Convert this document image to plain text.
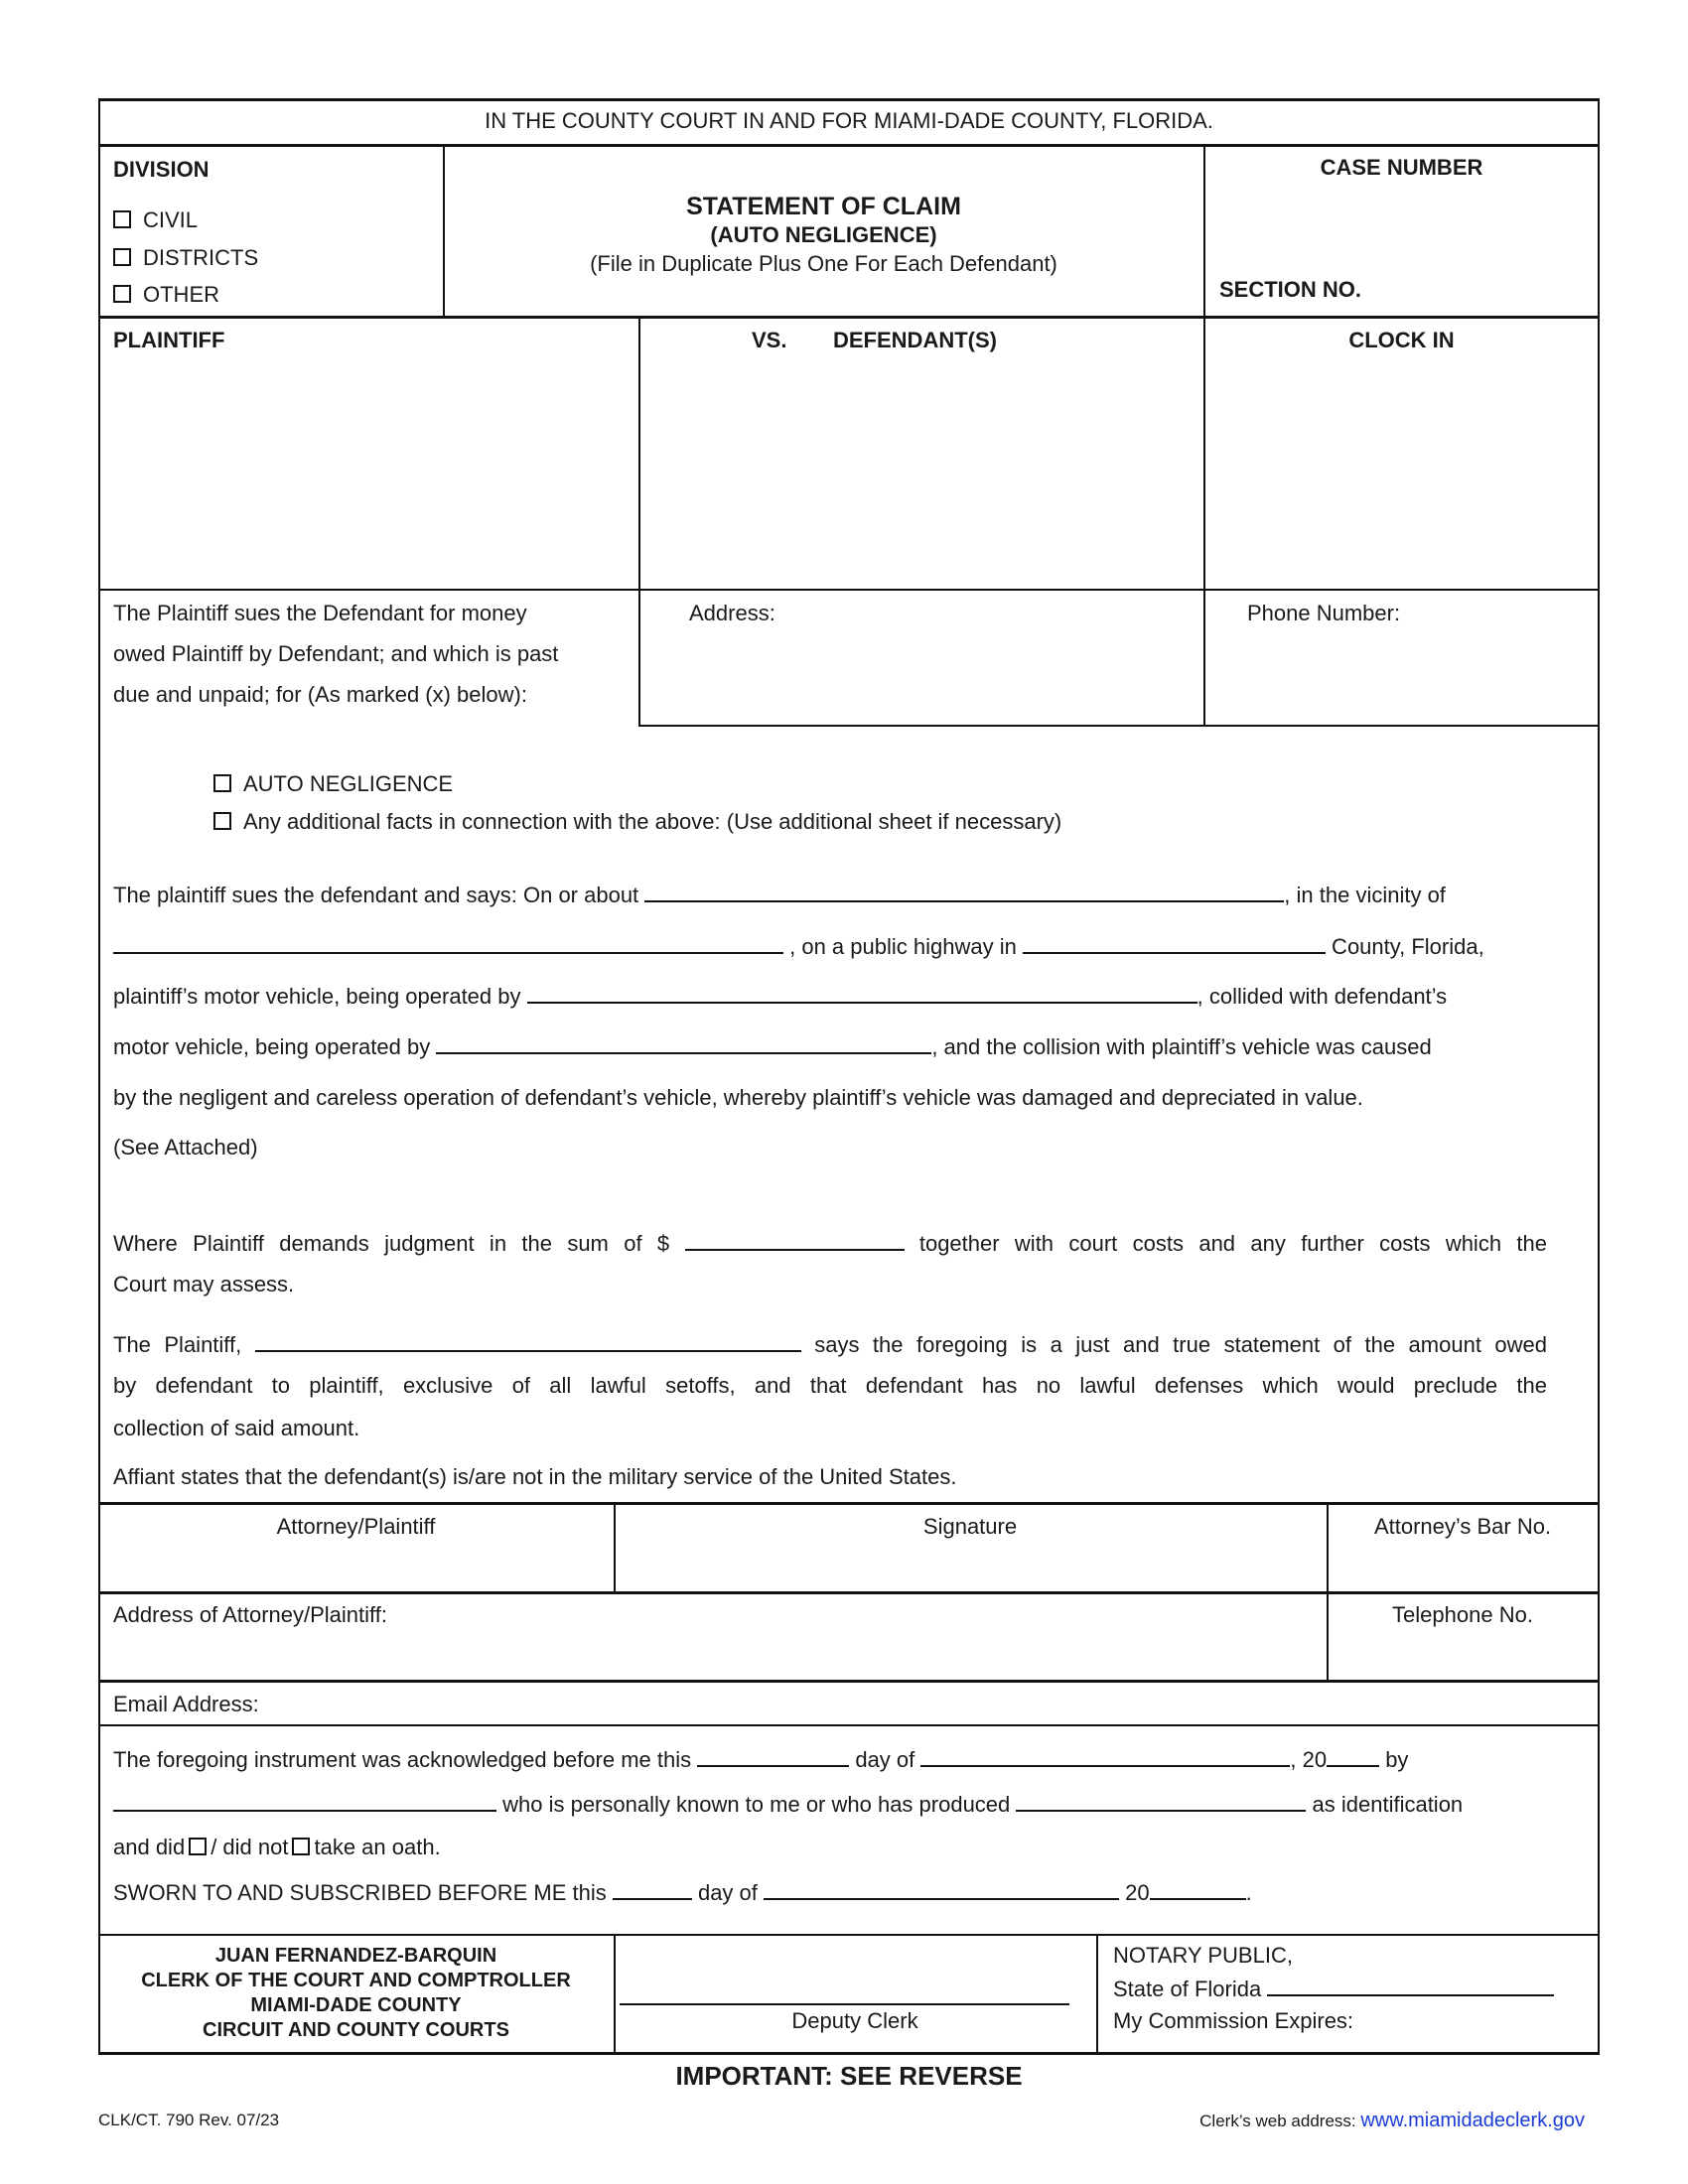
IN THE COUNTY COURT IN AND FOR MIAMI-DADE COUNTY, FLORIDA.
DIVISION
CIVIL
DISTRICTS
OTHER
STATEMENT OF CLAIM
(AUTO NEGLIGENCE)
(File in Duplicate Plus One For Each Defendant)
CASE NUMBER
SECTION NO.
PLAINTIFF	VS. DEFENDANT(S)	CLOCK IN
The Plaintiff sues the Defendant for money
owed Plaintiff by Defendant; and which is past
due and unpaid; for (As marked (x) below):
Address:	Phone Number:
AUTO NEGLIGENCE
Any additional facts in connection with the above: (Use additional sheet if necessary)
The plaintiff sues the defendant and says: On or about	, in the vicinity of
, on a public highway in	County, Florida,
plaintiff’s motor vehicle, being operated by	, collided with defendant’s
motor vehicle, being operated by	, and the collision with plaintiff’s vehicle was caused
by the negligent and careless operation of defendant’s vehicle, whereby plaintiff’s vehicle was damaged and depreciated in value.
(See Attached)
Where Plaintiff demands judgment in the sum of $	together with court costs and any further costs which the
Court may assess.
The Plaintiff,	says the foregoing is a just and true statement of the amount owed
by defendant to plaintiff, exclusive of all lawful setoffs, and that defendant has no lawful defenses which would preclude the
collection of said amount.
Affiant states that the defendant(s) is/are not in the military service of the United States.
Attorney/Plaintiff	Signature	Attorney’s Bar No.
Address of Attorney/Plaintiff:	Telephone No.
Email Address:
The foregoing instrument was acknowledged before me this	day of	, 20 by
who is personally known to me or who has produced	as identification
and did / did not take an oath.
SWORN TO AND SUBSCRIBED BEFORE ME this	day of	20	.
JUAN FERNANDEZ-BARQUIN
CLERK OF THE COURT AND COMPTROLLER
MIAMI-DADE COUNTY
CIRCUIT AND COUNTY COURTS	Deputy Clerk
NOTARY PUBLIC,
State of Florida
My Commission Expires:
IMPORTANT: SEE REVERSE
CLK/CT. 790 Rev. 07/23	Clerk’s web address: www.miamidadeclerk.gov
